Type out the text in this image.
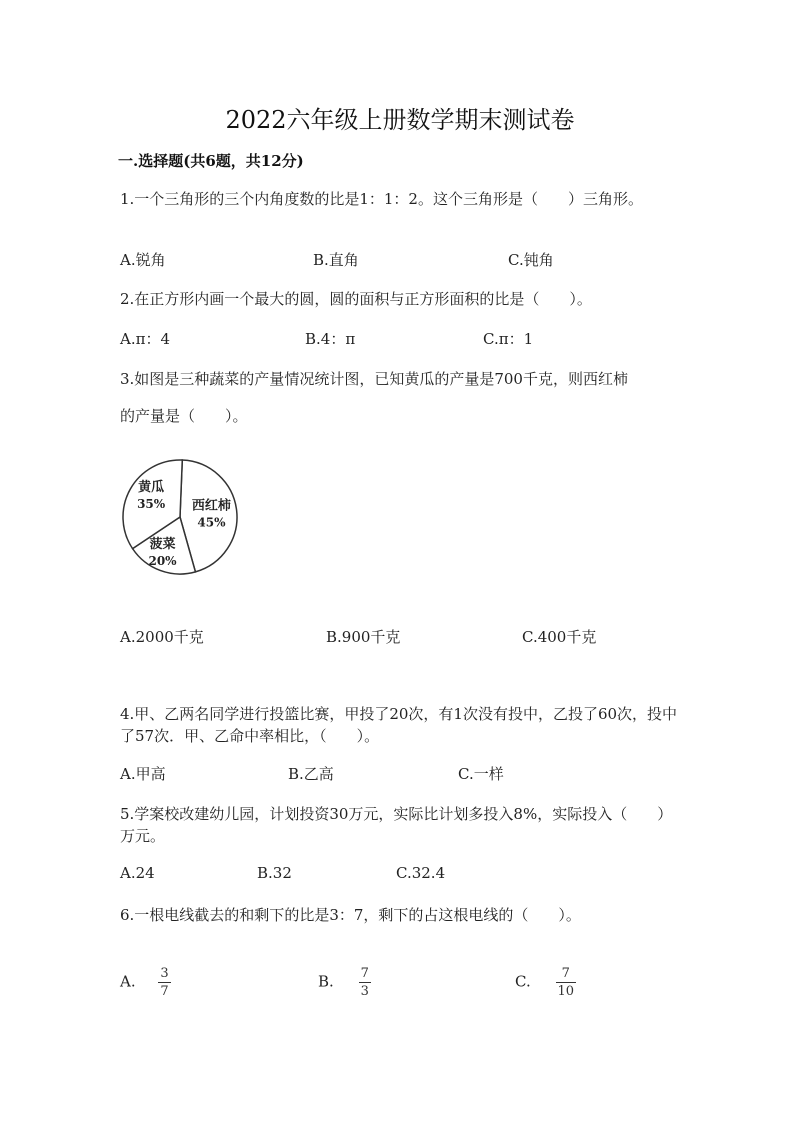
2022六年级上册数学期末测试卷
一.选择题(共6题，共12分)
1.一个三角形的三个内角度数的比是1：1：2。这个三角形是（　　）三角形。
A.锐角	B.直角	C.钝角
2.在正方形内画一个最大的圆，圆的面积与正方形面积的比是（　　）。
A.π：4	B.4：π	C.π：1
3.如图是三种蔬菜的产量情况统计图，已知黄瓜的产量是700千克，则西红柿
的产量是（　　）。
西红柿
45%
菠菜
20%
黄瓜
35%
A.2000千克	B.900千克	C.400千克
4.甲、乙两名同学进行投篮比赛，甲投了20次，有1次没有投中，乙投了60次，投中了57次．甲、乙命中率相比，（　　）。
A.甲高	B.乙高	C.一样
5.学案校改建幼儿园，计划投资30万元，实际比计划多投入8%，实际投入（　　）万元。
A.24	B.32	C.32.4
6.一根电线截去的和剩下的比是3：7，剩下的占这根电线的（　　）。
A. $\frac{3}{7}$	B. $\frac{7}{3}$	C. $\frac{7}{10}$
